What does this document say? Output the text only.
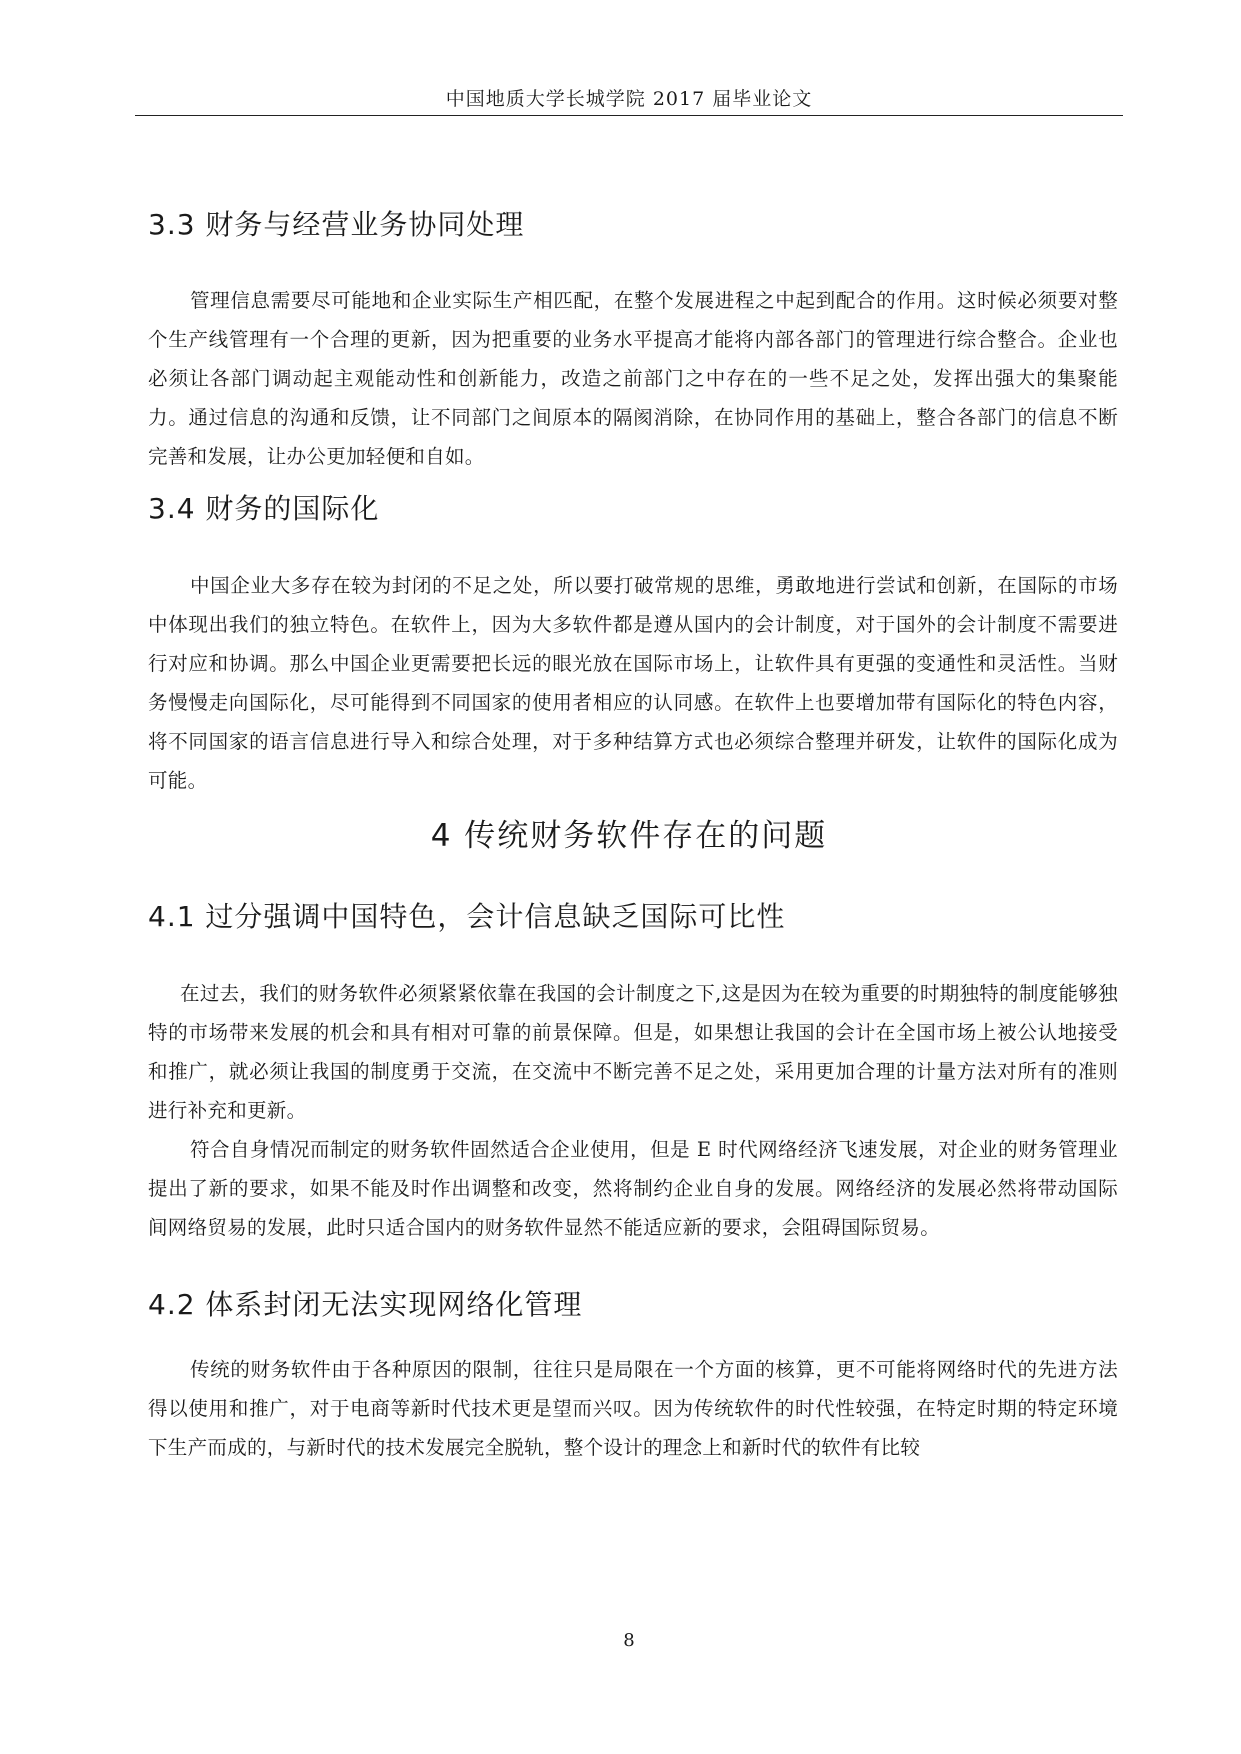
中国地质大学长城学院 2017 届毕业论文
3.3 财务与经营业务协同处理
管理信息需要尽可能地和企业实际生产相匹配，在整个发展进程之中起到配合的作用。这时候必须要对整个生产线管理有一个合理的更新，因为把重要的业务水平提高才能将内部各部门的管理进行综合整合。企业也必须让各部门调动起主观能动性和创新能力，改造之前部门之中存在的一些不足之处，发挥出强大的集聚能力。通过信息的沟通和反馈，让不同部门之间原本的隔阂消除，在协同作用的基础上，整合各部门的信息不断完善和发展，让办公更加轻便和自如。
3.4 财务的国际化
中国企业大多存在较为封闭的不足之处，所以要打破常规的思维，勇敢地进行尝试和创新，在国际的市场中体现出我们的独立特色。在软件上，因为大多软件都是遵从国内的会计制度，对于国外的会计制度不需要进行对应和协调。那么中国企业更需要把长远的眼光放在国际市场上，让软件具有更强的变通性和灵活性。当财务慢慢走向国际化，尽可能得到不同国家的使用者相应的认同感。在软件上也要增加带有国际化的特色内容，将不同国家的语言信息进行导入和综合处理，对于多种结算方式也必须综合整理并研发，让软件的国际化成为可能。
4 传统财务软件存在的问题
4.1 过分强调中国特色，会计信息缺乏国际可比性
在过去，我们的财务软件必须紧紧依靠在我国的会计制度之下,这是因为在较为重要的时期独特的制度能够独特的市场带来发展的机会和具有相对可靠的前景保障。但是，如果想让我国的会计在全国市场上被公认地接受和推广，就必须让我国的制度勇于交流，在交流中不断完善不足之处，采用更加合理的计量方法对所有的准则进行补充和更新。
符合自身情况而制定的财务软件固然适合企业使用，但是 E 时代网络经济飞速发展，对企业的财务管理业提出了新的要求，如果不能及时作出调整和改变，然将制约企业自身的发展。网络经济的发展必然将带动国际间网络贸易的发展，此时只适合国内的财务软件显然不能适应新的要求，会阻碍国际贸易。
4.2 体系封闭无法实现网络化管理
传统的财务软件由于各种原因的限制，往往只是局限在一个方面的核算，更不可能将网络时代的先进方法得以使用和推广，对于电商等新时代技术更是望而兴叹。因为传统软件的时代性较强，在特定时期的特定环境下生产而成的，与新时代的技术发展完全脱轨，整个设计的理念上和新时代的软件有比较
8
